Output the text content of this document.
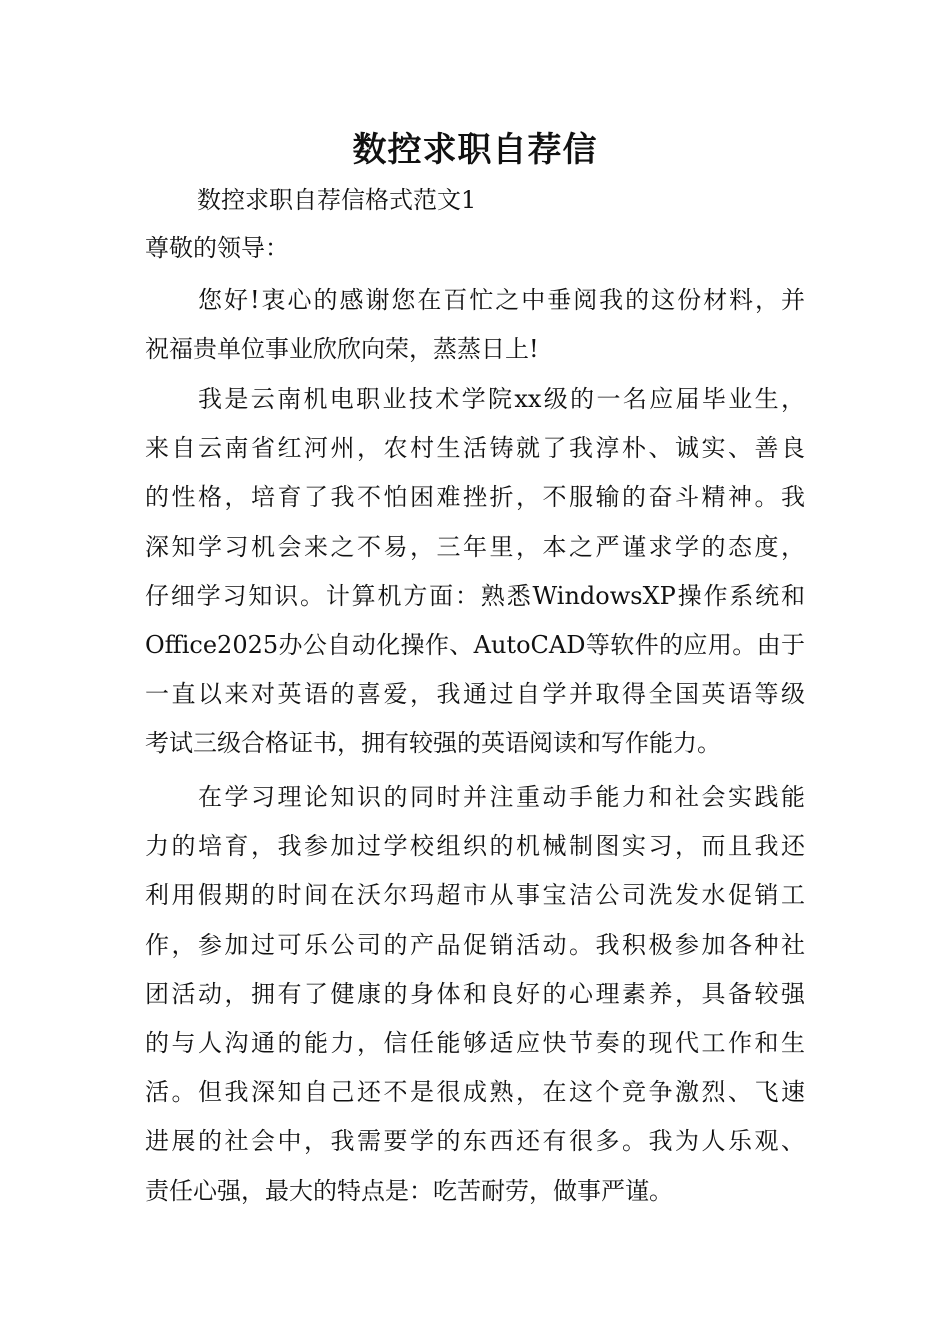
数控求职自荐信
数控求职自荐信格式范文1
尊敬的领导：

您好!衷心的感谢您在百忙之中垂阅我的这份材料，并
祝福贵单位事业欣欣向荣，蒸蒸日上!

我是云南机电职业技术学院xx级的一名应届毕业生，
来自云南省红河州，农村生活铸就了我淳朴、诚实、善良
的性格，培育了我不怕困难挫折，不服输的奋斗精神。我
深知学习机会来之不易，三年里，本之严谨求学的态度，
仔细学习知识。计算机方面：熟悉WindowsXP操作系统和
Office2025办公自动化操作、AutoCAD等软件的应用。由于
一直以来对英语的喜爱，我通过自学并取得全国英语等级
考试三级合格证书，拥有较强的英语阅读和写作能力。

在学习理论知识的同时并注重动手能力和社会实践能
力的培育，我参加过学校组织的机械制图实习，而且我还
利用假期的时间在沃尔玛超市从事宝洁公司洗发水促销工
作，参加过可乐公司的产品促销活动。我积极参加各种社
团活动，拥有了健康的身体和良好的心理素养，具备较强
的与人沟通的能力，信任能够适应快节奏的现代工作和生
活。但我深知自己还不是很成熟，在这个竞争激烈、飞速
进展的社会中，我需要学的东西还有很多。我为人乐观、
责任心强，最大的特点是：吃苦耐劳，做事严谨。
